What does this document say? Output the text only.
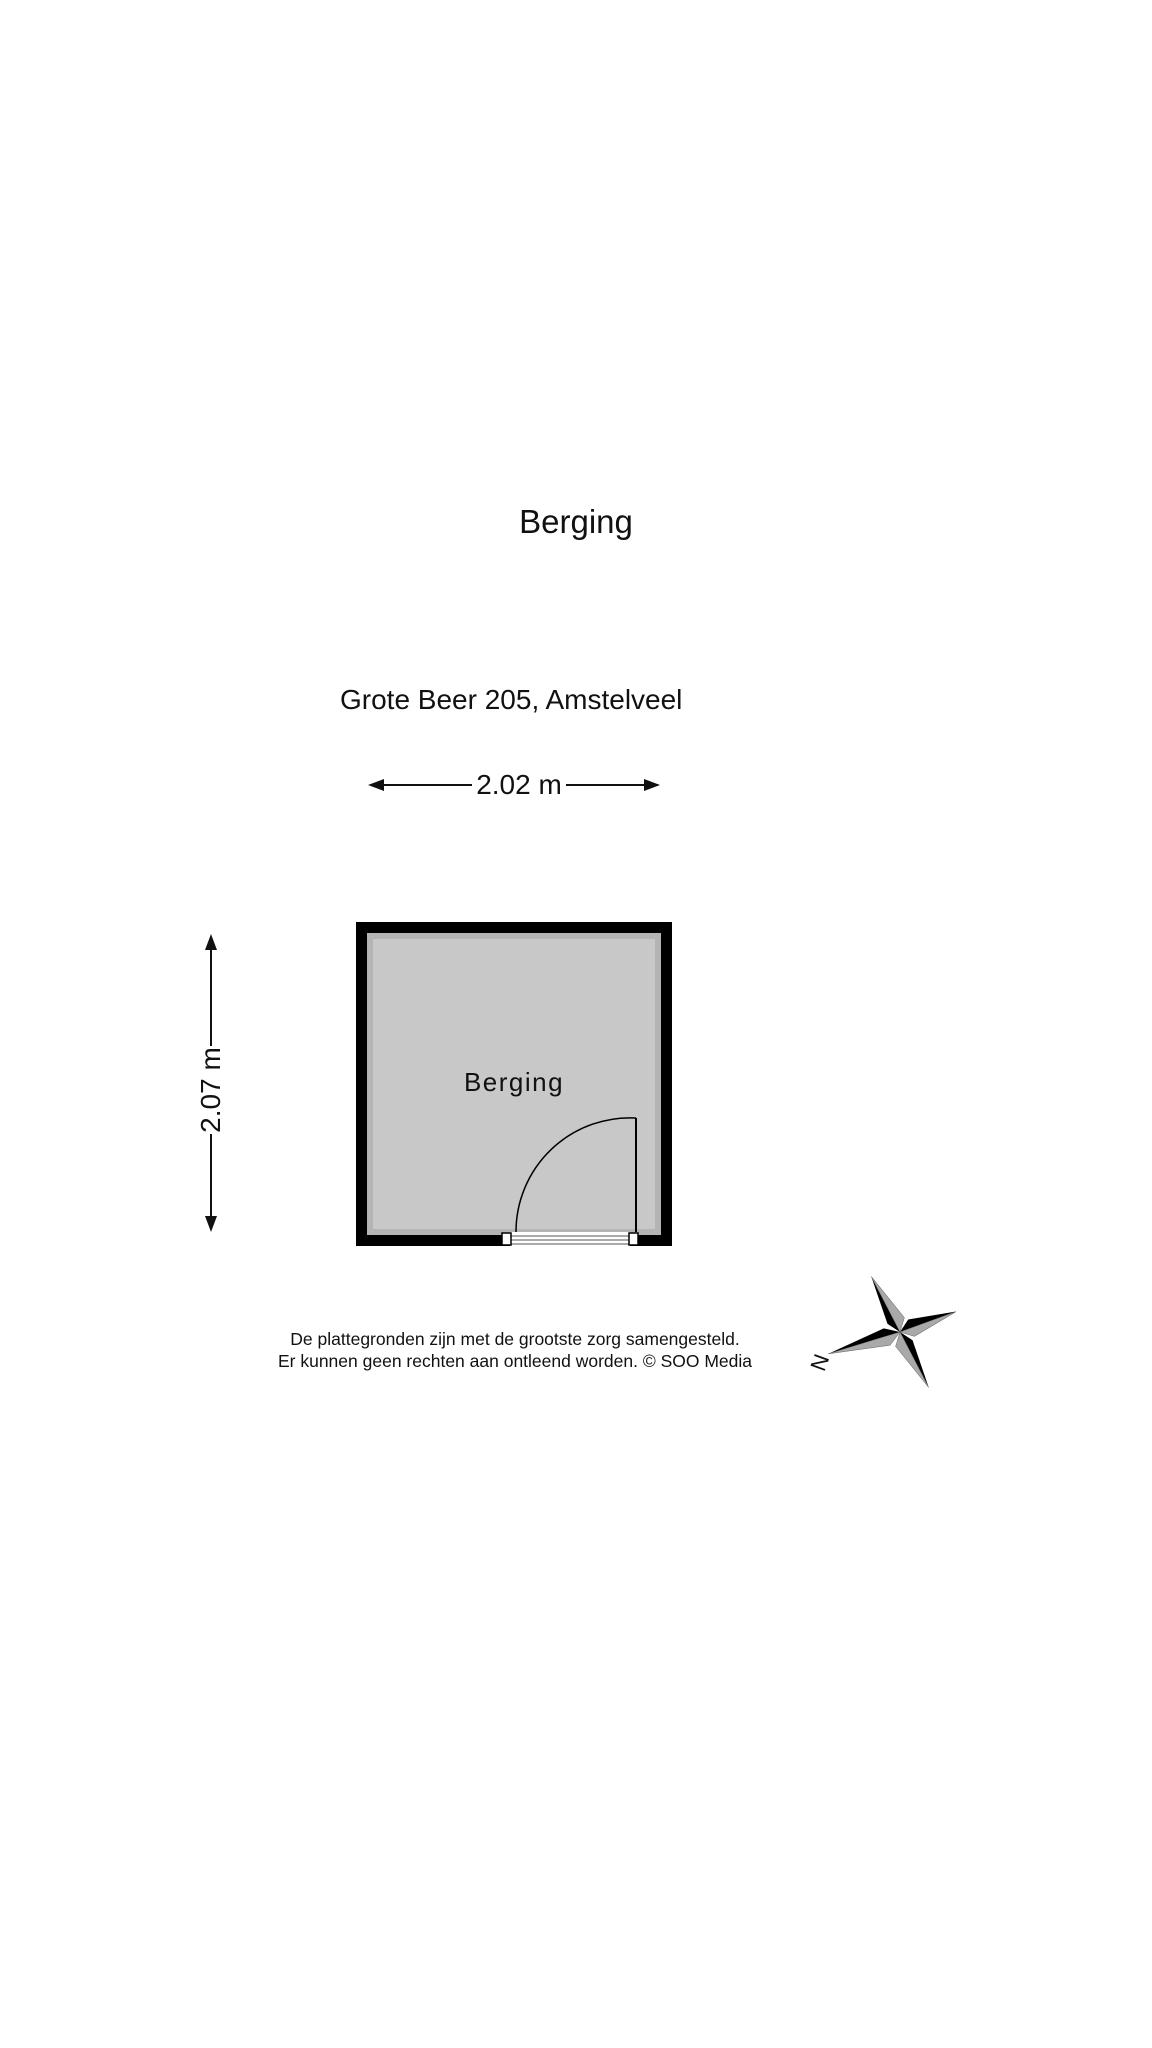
Berging
Grote Beer 205, Amstelveel
2.02 m
2.07 m	Berging
De plattegronden zijn met de grootste zorg samengesteld.
Er kunnen geen rechten aan ontleend worden. © SOO Media	N
